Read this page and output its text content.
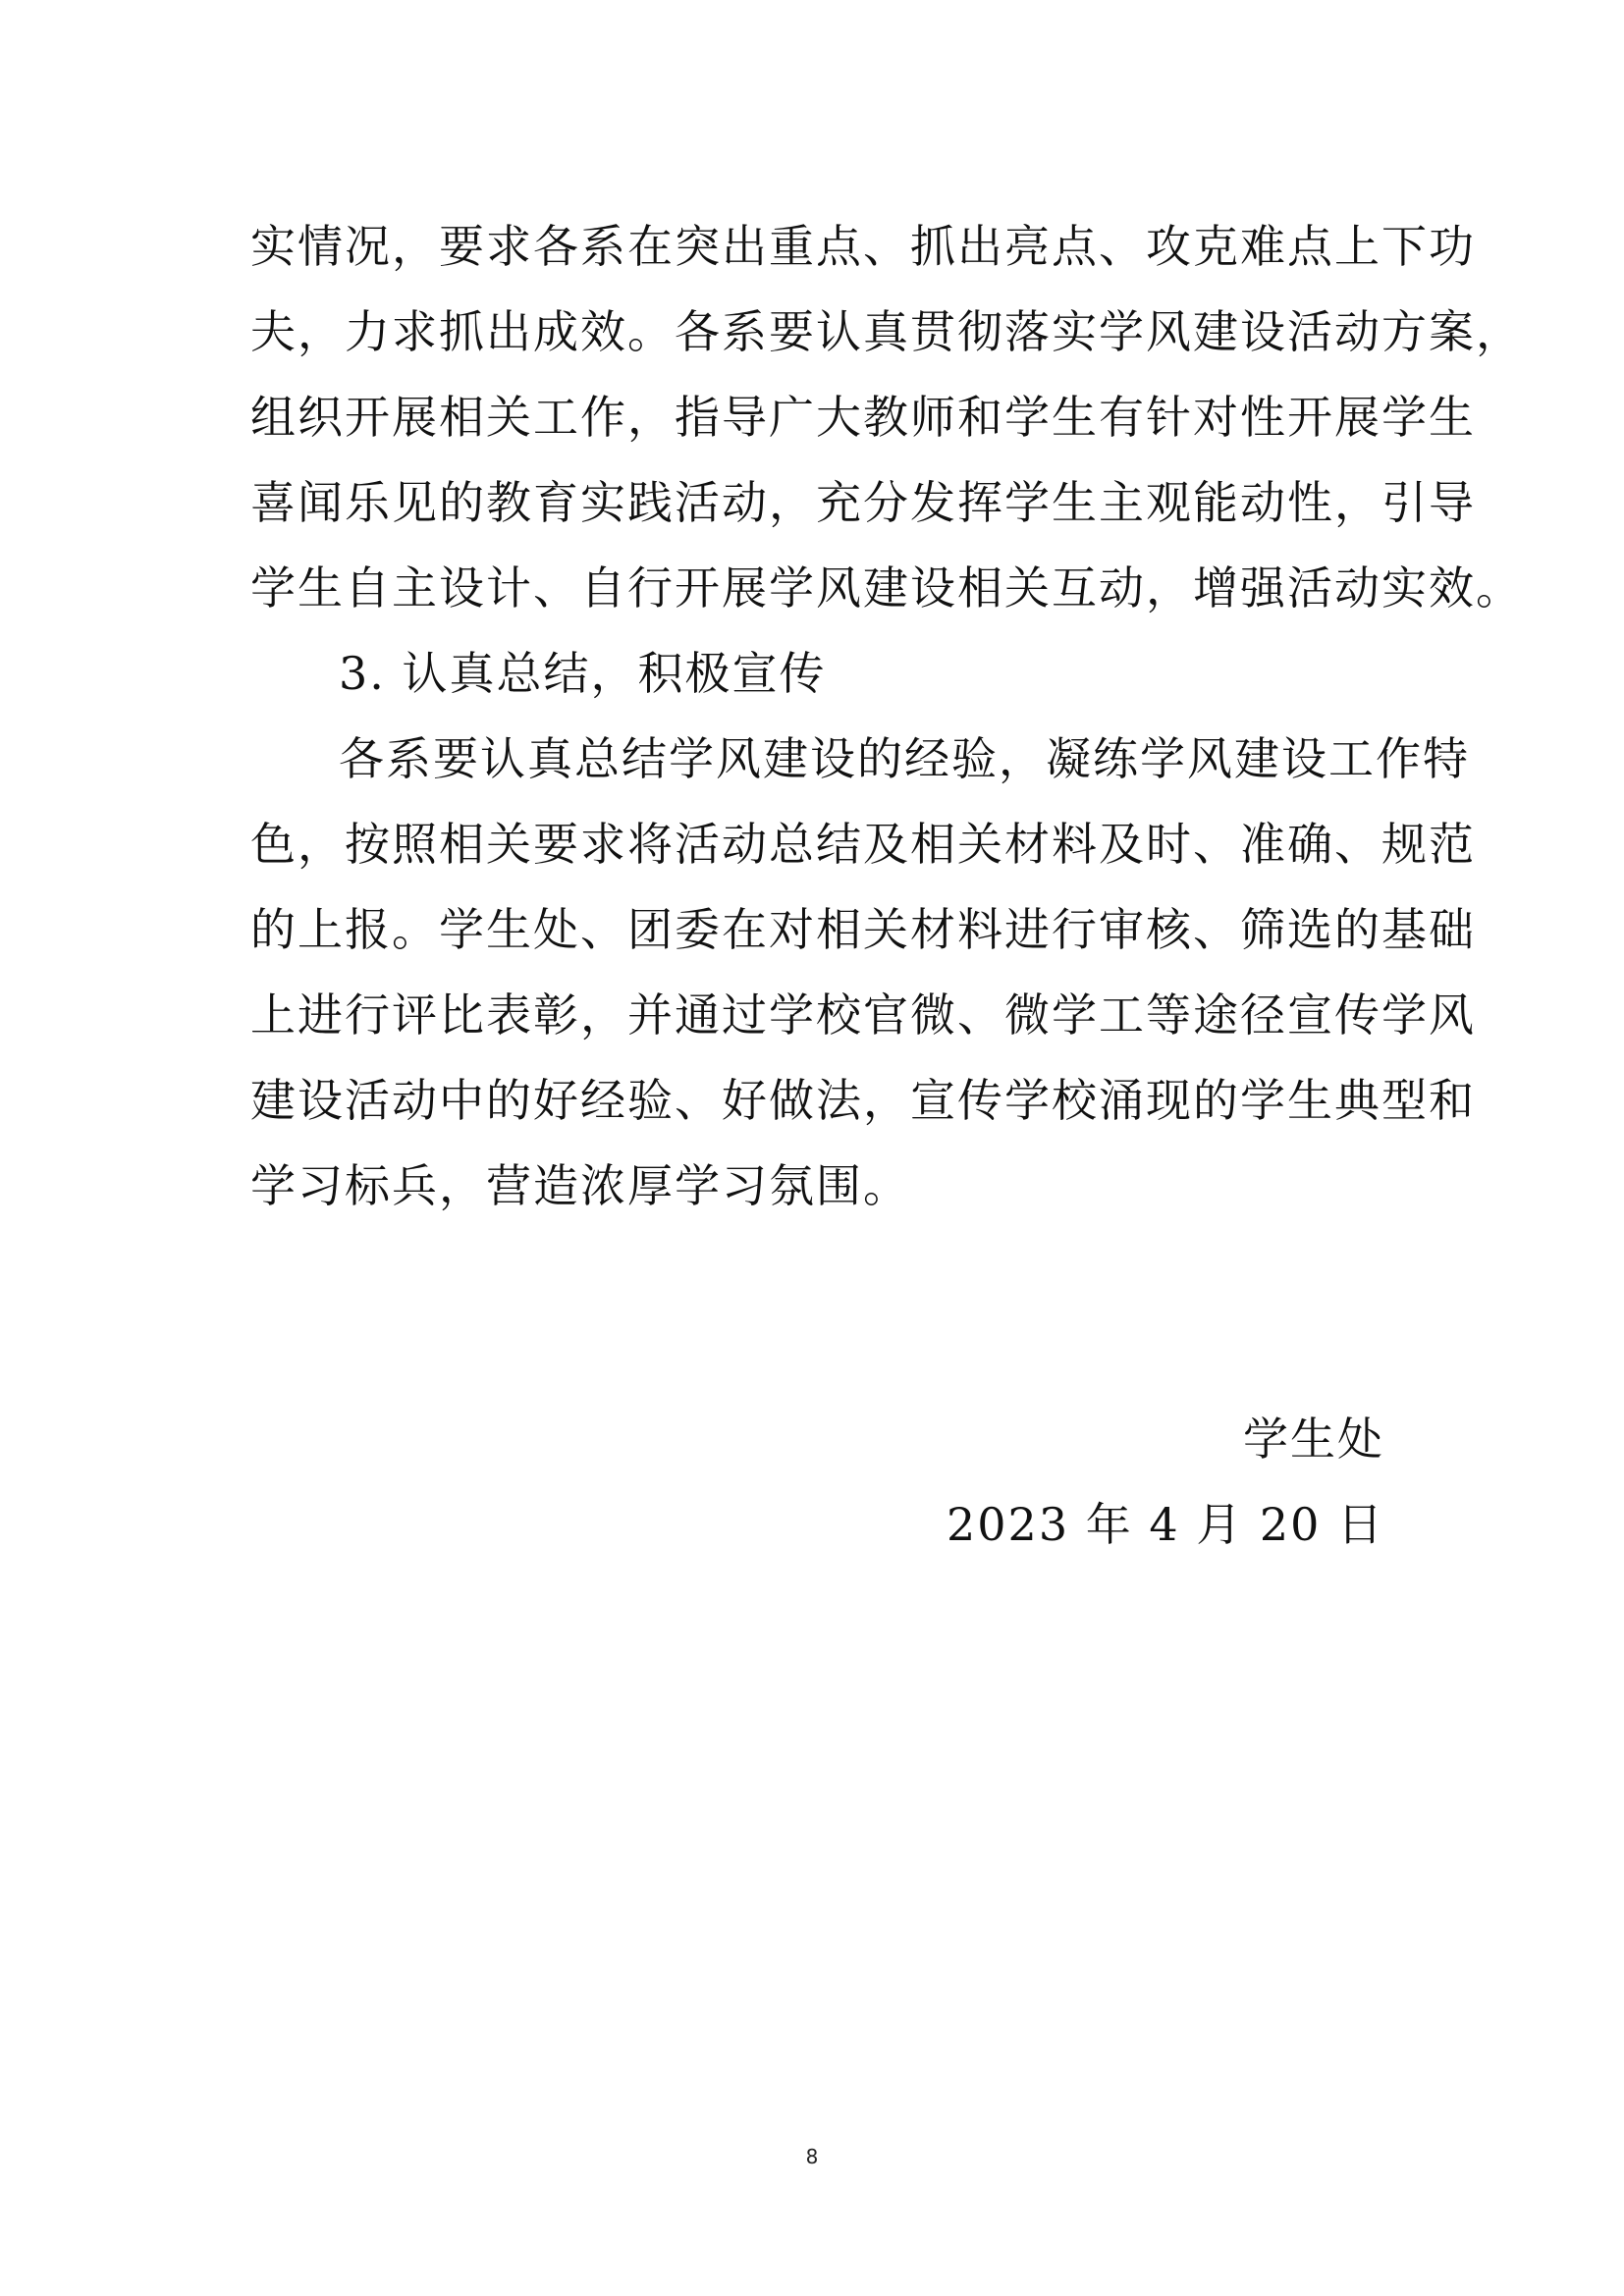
实情况，要求各系在突出重点、抓出亮点、攻克难点上下功
夫，力求抓出成效。各系要认真贯彻落实学风建设活动方案，
组织开展相关工作，指导广大教师和学生有针对性开展学生
喜闻乐见的教育实践活动，充分发挥学生主观能动性，引导
学生自主设计、自行开展学风建设相关互动，增强活动实效。
3. 认真总结，积极宣传
各系要认真总结学风建设的经验，凝练学风建设工作特
色，按照相关要求将活动总结及相关材料及时、准确、规范
的上报。学生处、团委在对相关材料进行审核、筛选的基础
上进行评比表彰，并通过学校官微、微学工等途径宣传学风
建设活动中的好经验、好做法，宣传学校涌现的学生典型和
学习标兵，营造浓厚学习氛围。
学生处
2023 年 4 月 20 日
8
